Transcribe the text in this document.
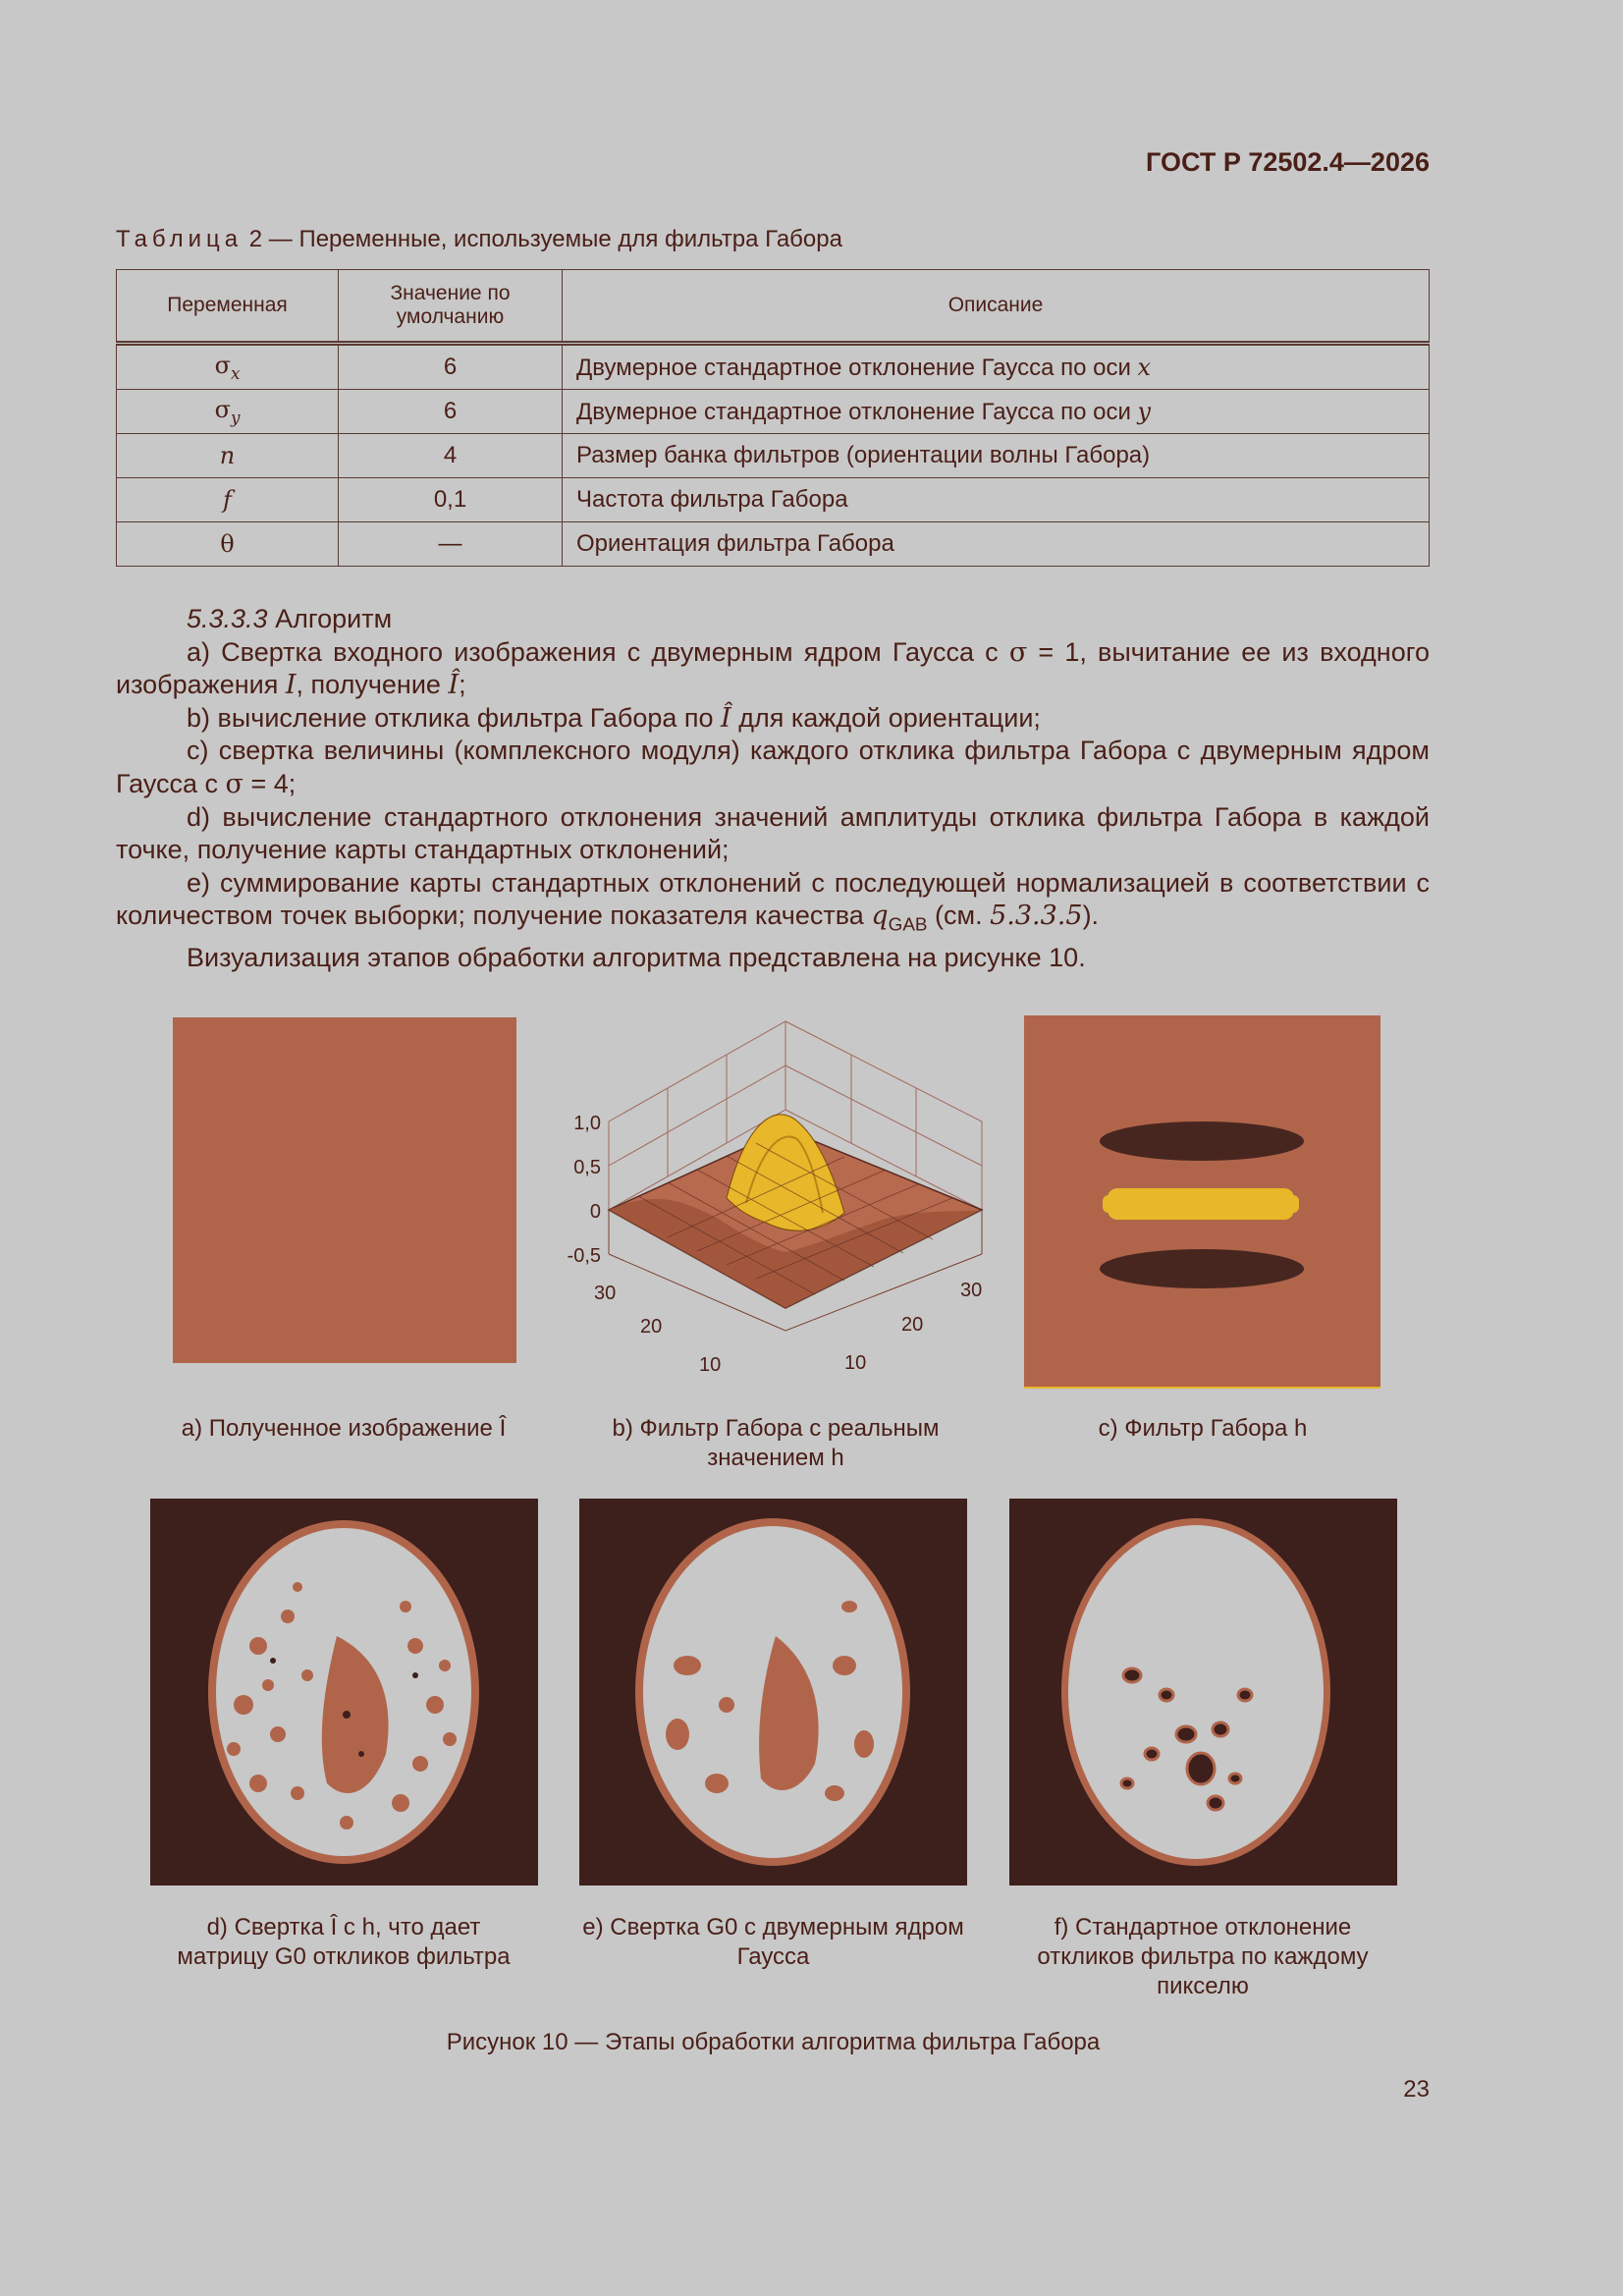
ГОСТ Р 72502.4—2026
Таблица 2 — Переменные, используемые для фильтра Габора
Переменная	Значение по умолчанию	Описание
$\sigma_x$	6	Двумерное стандартное отклонение Гаусса по оси x
$\sigma_y$	6	Двумерное стандартное отклонение Гаусса по оси y
n	4	Размер банка фильтров (ориентации волны Габора)
f	0,1	Частота фильтра Габора
θ	—	Ориентация фильтра Габора

5.3.3.3 Алгоритм

а) Свертка входного изображения с двумерным ядром Гаусса с σ = 1, вычитание ее из входного изображения I, получение Î;

b) вычисление отклика фильтра Габора по Î для каждой ориентации;

с) свертка величины (комплексного модуля) каждого отклика фильтра Габора с двумерным ядром Гаусса с σ = 4;

d) вычисление стандартного отклонения значений амплитуды отклика фильтра Габора в каждой точке, получение карты стандартных отклонений;

е) суммирование карты стандартных отклонений с последующей нормализацией в соответствии с количеством точек выборки; получение показателя качества $q_{GAB}$ (см. 5.3.3.5).

Визуализация этапов обработки алгоритма представлена на рисунке 10.

1,0
0,5
0
-0,5
30
20
10
30
20
10
а) Полученное изображение Î	b) Фильтр Габора с реальным
значением h
с) Фильтр Габора h
d) Свертка Î с h, что дает
матрицу G0 откликов фильтра
е) Свертка G0 с двумерным ядром
Гаусса
f) Стандартное отклонение
откликов фильтра по каждому
пикселю
Рисунок 10 — Этапы обработки алгоритма фильтра Габора
23
